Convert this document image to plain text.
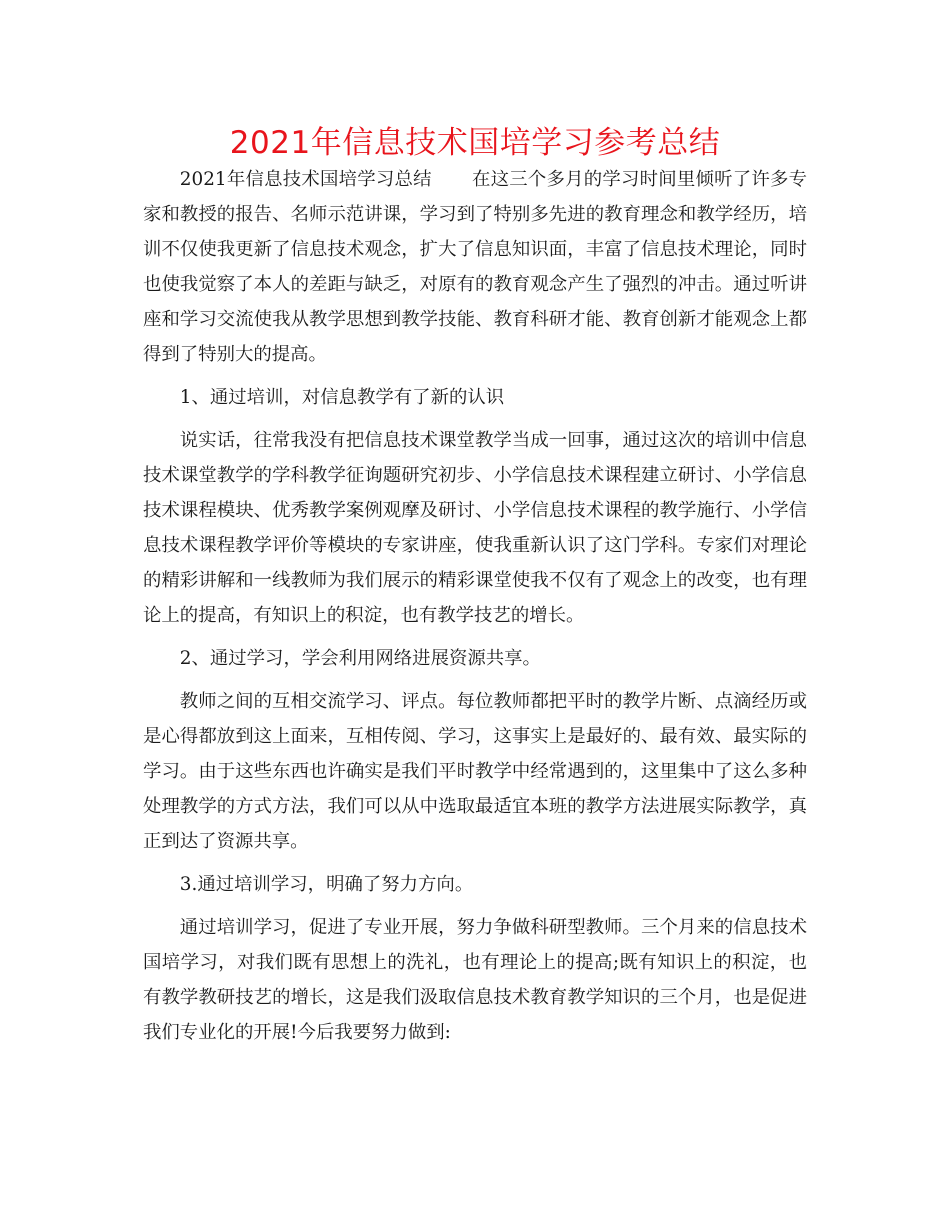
2021年信息技术国培学习参考总结

2021年信息技术国培学习总结 在这三个多月的学习时间里倾听了许多专家和教授的报告、名师示范讲课，学习到了特别多先进的教育理念和教学经历，培训不仅使我更新了信息技术观念，扩大了信息知识面，丰富了信息技术理论，同时也使我觉察了本人的差距与缺乏，对原有的教育观念产生了强烈的冲击。通过听讲座和学习交流使我从教学思想到教学技能、教育科研才能、教育创新才能观念上都得到了特别大的提高。

1、通过培训，对信息教学有了新的认识

说实话，往常我没有把信息技术课堂教学当成一回事，通过这次的培训中信息技术课堂教学的学科教学征询题研究初步、小学信息技术课程建立研讨、小学信息技术课程模块、优秀教学案例观摩及研讨、小学信息技术课程的教学施行、小学信息技术课程教学评价等模块的专家讲座，使我重新认识了这门学科。专家们对理论的精彩讲解和一线教师为我们展示的精彩课堂使我不仅有了观念上的改变，也有理论上的提高，有知识上的积淀，也有教学技艺的增长。

2、通过学习，学会利用网络进展资源共享。

教师之间的互相交流学习、评点。每位教师都把平时的教学片断、点滴经历或是心得都放到这上面来，互相传阅、学习，这事实上是最好的、最有效、最实际的学习。由于这些东西也许确实是我们平时教学中经常遇到的，这里集中了这么多种处理教学的方式方法，我们可以从中选取最适宜本班的教学方法进展实际教学，真正到达了资源共享。

3.通过培训学习，明确了努力方向。

通过培训学习，促进了专业开展，努力争做科研型教师。三个月来的信息技术国培学习，对我们既有思想上的洗礼，也有理论上的提高;既有知识上的积淀，也有教学教研技艺的增长，这是我们汲取信息技术教育教学知识的三个月，也是促进我们专业化的开展!今后我要努力做到:
